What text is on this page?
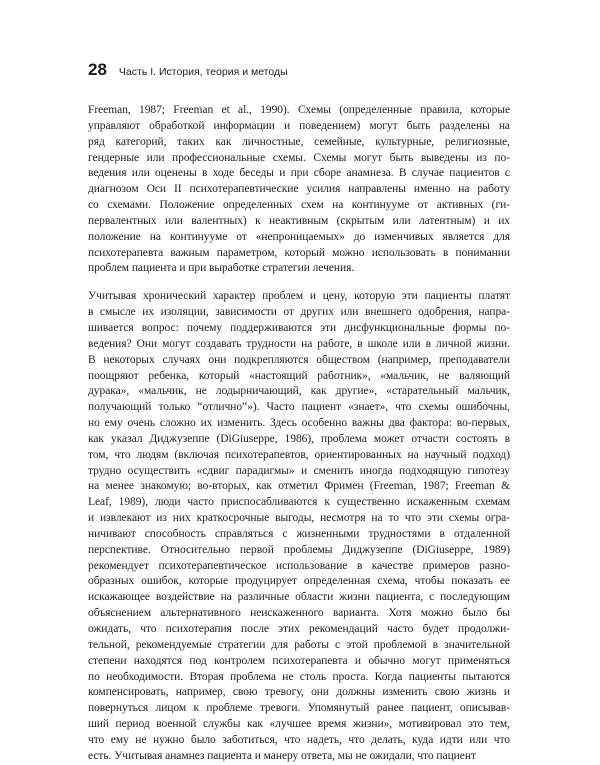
28 Часть I. История, теория и методы

Freeman, 1987; Freeman et al., 1990). Схемы (определенные правила, которые
управляют обработкой информации и поведением) могут быть разделены на
ряд категорий, таких как личностные, семейные, культурные, религиозные,
гендерные или профессиональные схемы. Схемы могут быть выведены из по-
ведения или оценены в ходе беседы и при сборе анамнеза. В случае пациентов с
диагнозом Оси II психотерапевтические усилия направлены именно на работу
со схемами. Положение определенных схем на континууме от активных (ги-
первалентных или валентных) к неактивным (скрытым или латентным) и их
положение на континууме от «непроницаемых» до изменчивых является для
психотерапевта важным параметром, который можно использовать в понимании
проблем пациента и при выработке стратегии лечения.

Учитывая хронический характер проблем и цену, которую эти пациенты платят
в смысле их изоляции, зависимости от других или внешнего одобрения, напра-
шивается вопрос: почему поддерживаются эти дисфункциональные формы по-
ведения? Они могут создавать трудности на работе, в школе или в личной жизни.
В некоторых случаях они подкрепляются обществом (например, преподаватели
поощряют ребенка, который «настоящий работник», «мальчик, не валяющий
дурака», «мальчик, не лодырничающий, как другие», «старательный мальчик,
получающий только “отлично”»). Часто пациент «знает», что схемы ошибочны,
но ему очень сложно их изменить. Здесь особенно важны два фактора: во-первых,
как указал Диджузеппе (DiGiuseppe, 1986), проблема может отчасти состоять в
том, что людям (включая психотерапевтов, ориентированных на научный подход)
трудно осуществить «сдвиг парадигмы» и сменить иногда подходящую гипотезу
на менее знакомую; во-вторых, как отметил Фримен (Freeman, 1987; Freeman &
Leaf, 1989), люди часто приспосабливаются к существенно искаженным схемам
и извлекают из них краткосрочные выгоды, несмотря на то что эти схемы огра-
ничивают способность справляться с жизненными трудностями в отдаленной
перспективе. Относительно первой проблемы Диджузеппе (DiGiuseppe, 1989)
рекомендует психотерапевтическое использование в качестве примеров разно-
образных ошибок, которые продуцирует определенная схема, чтобы показать ее
искажающее воздействие на различные области жизни пациента, с последующим
объяснением альтернативного неискаженного варианта. Хотя можно было бы
ожидать, что психотерапия после этих рекомендаций часто будет продолжи-
тельной, рекомендуемые стратегии для работы с этой проблемой в значительной
степени находятся под контролем психотерапевта и обычно могут применяться
по необходимости. Вторая проблема не столь проста. Когда пациенты пытаются
компенсировать, например, свою тревогу, они должны изменить свою жизнь и
повернуться лицом к проблеме тревоги. Упомянутый ранее пациент, описывав-
ший период военной службы как «лучшее время жизни», мотивировал это тем,
что ему не нужно было заботиться, что надеть, что делать, куда идти или что
есть. Учитывая анамнез пациента и манеру ответа, мы не ожидали, что пациент
